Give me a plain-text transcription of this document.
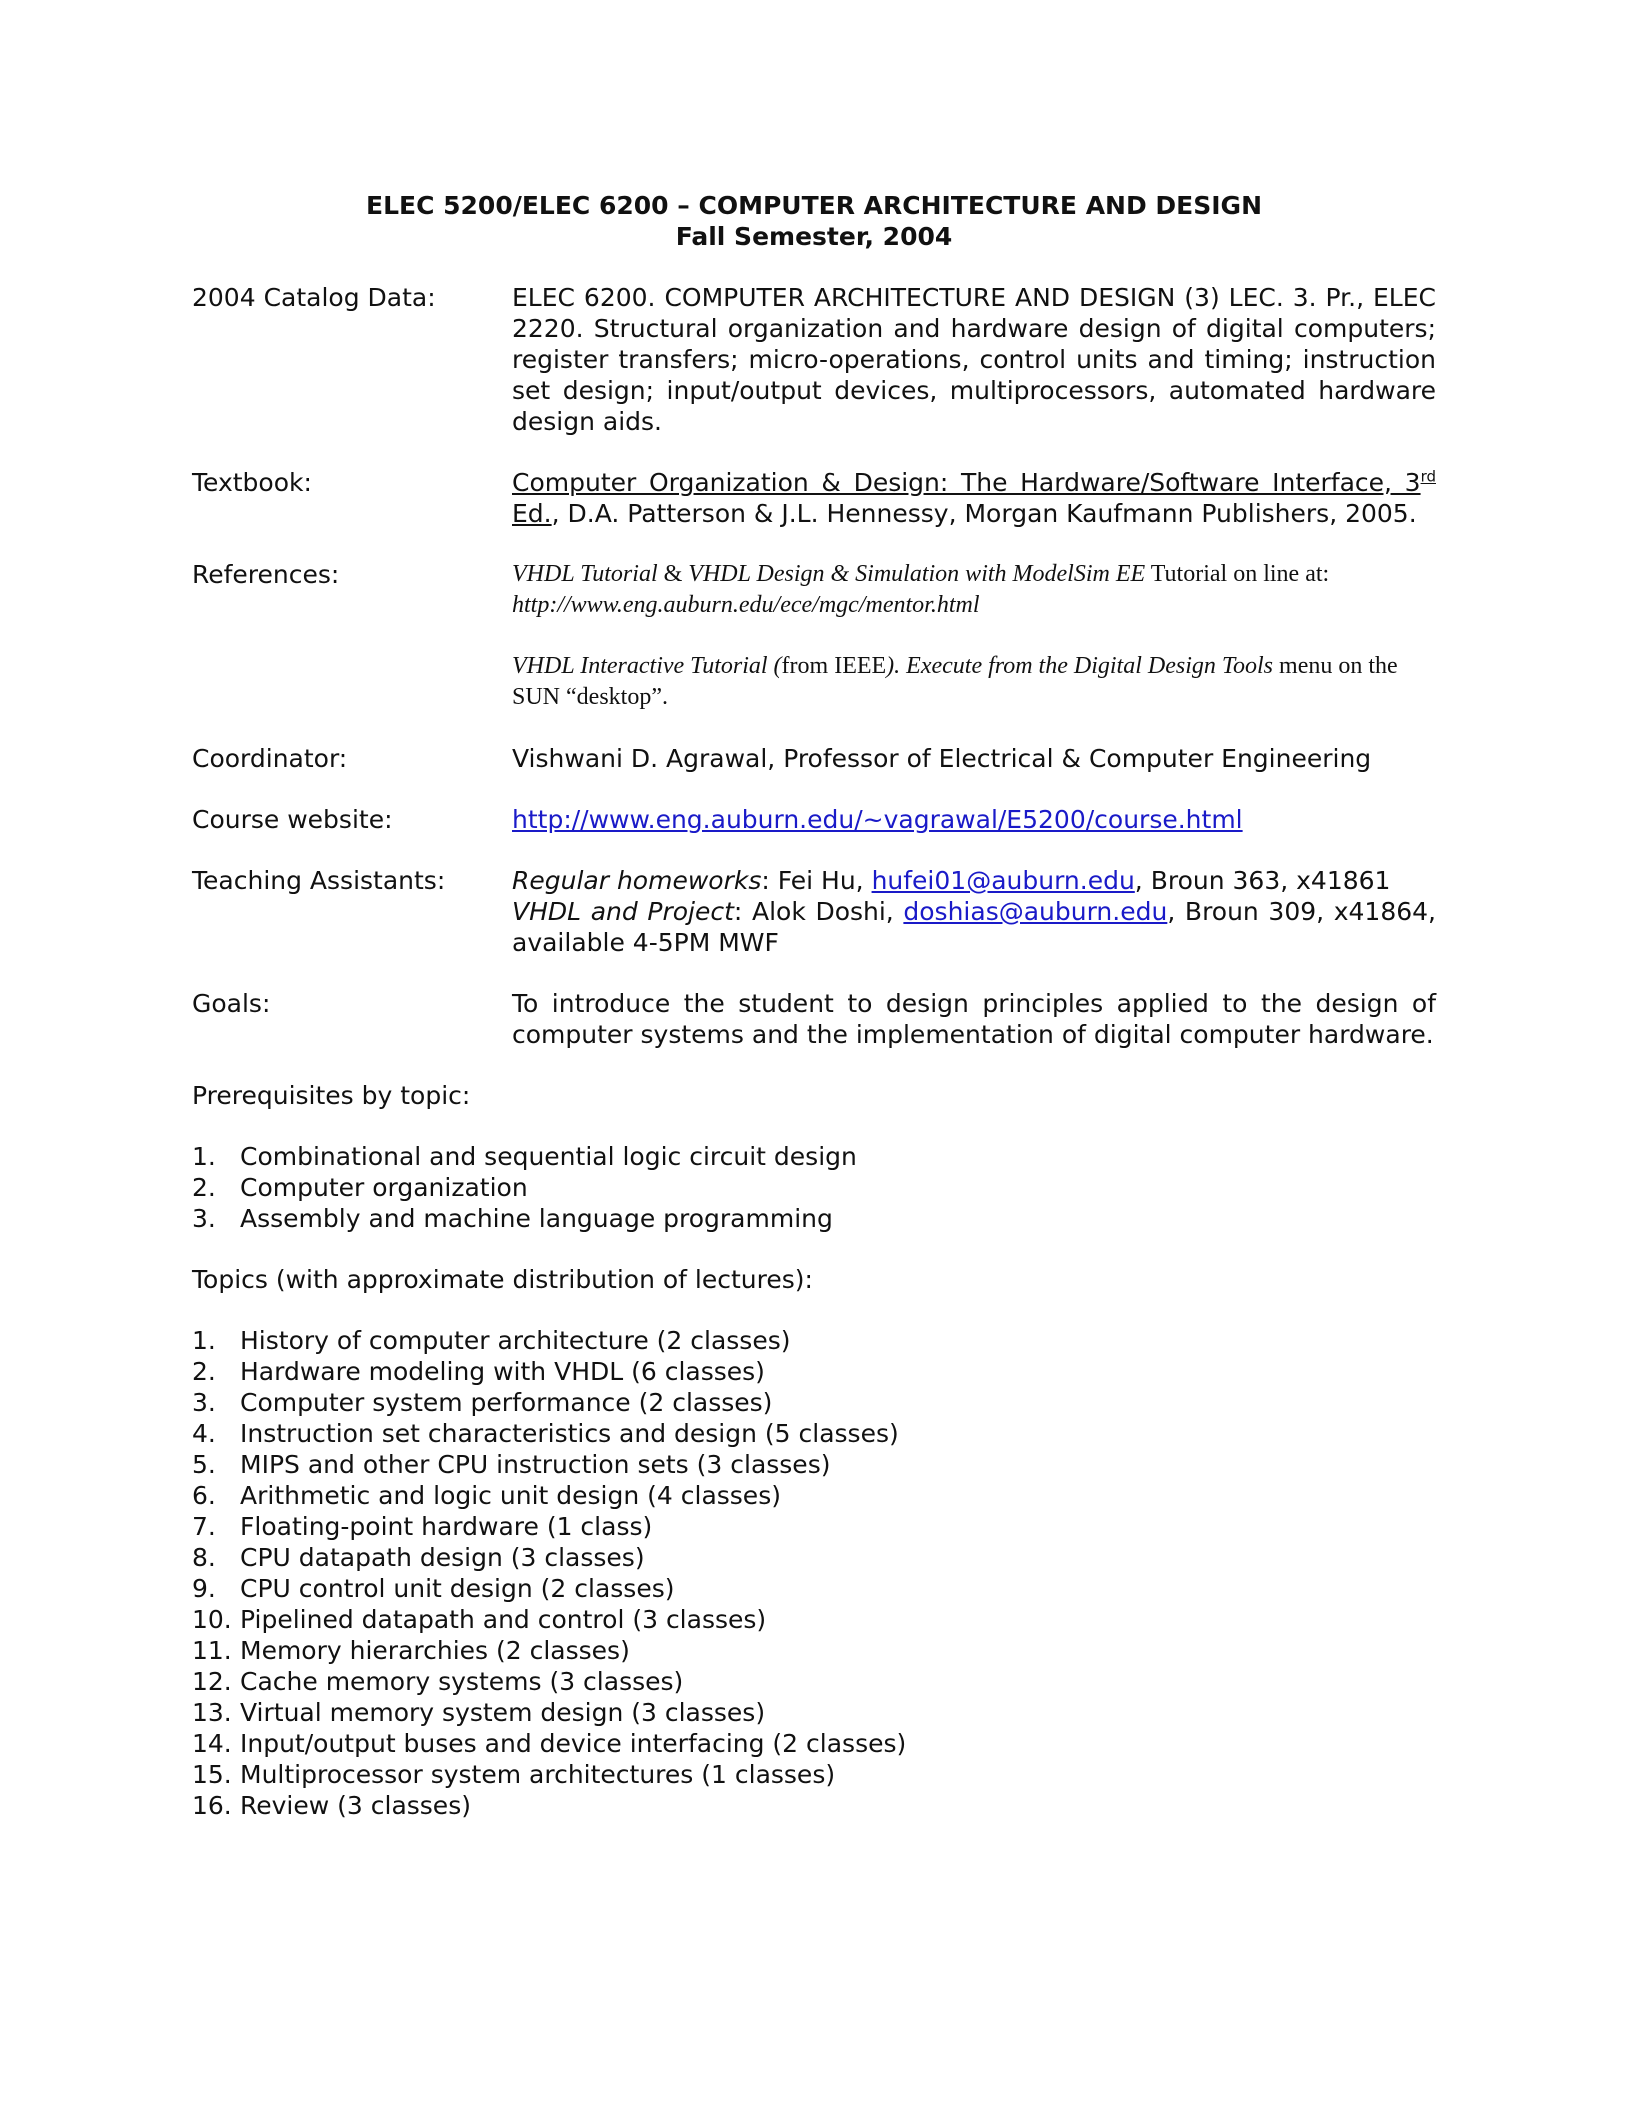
ELEC 5200/ELEC 6200 – COMPUTER ARCHITECTURE AND DESIGN
Fall Semester, 2004
2004 Catalog Data:	ELEC 6200. COMPUTER ARCHITECTURE AND DESIGN (3) LEC. 3. Pr., ELEC 2220. Structural organization and hardware design of digital computers; register transfers; micro-operations, control units and timing; instruction set design; input/output devices, multiprocessors, automated hardware design aids.
Textbook:	Computer Organization & Design: The Hardware/Software Interface, 3rd Ed., D.A. Patterson & J.L. Hennessy, Morgan Kaufmann Publishers, 2005.
References:	VHDL Tutorial & VHDL Design & Simulation with ModelSim EE Tutorial on line at:
http://www.eng.auburn.edu/ece/mgc/mentor.html
VHDL Interactive Tutorial (from IEEE). Execute from the Digital Design Tools menu on the SUN “desktop”.
Coordinator:	Vishwani D. Agrawal, Professor of Electrical & Computer Engineering
Course website:	http://www.eng.auburn.edu/~vagrawal/E5200/course.html
Teaching Assistants:	Regular homeworks: Fei Hu, hufei01@auburn.edu, Broun 363, x41861
VHDL and Project: Alok Doshi, doshias@auburn.edu, Broun 309, x41864, available 4-5PM MWF
Goals:	To introduce the student to design principles applied to the design of computer systems and the implementation of digital computer hardware.
Prerequisites by topic:
1. Combinational and sequential logic circuit design
2. Computer organization
3. Assembly and machine language programming
Topics (with approximate distribution of lectures):
1. History of computer architecture (2 classes)
2. Hardware modeling with VHDL (6 classes)
3. Computer system performance (2 classes)
4. Instruction set characteristics and design (5 classes)
5. MIPS and other CPU instruction sets (3 classes)
6. Arithmetic and logic unit design (4 classes)
7. Floating-point hardware (1 class)
8. CPU datapath design (3 classes)
9. CPU control unit design (2 classes)
10. Pipelined datapath and control (3 classes)
11. Memory hierarchies (2 classes)
12. Cache memory systems (3 classes)
13. Virtual memory system design (3 classes)
14. Input/output buses and device interfacing (2 classes)
15. Multiprocessor system architectures (1 classes)
16. Review (3 classes)
